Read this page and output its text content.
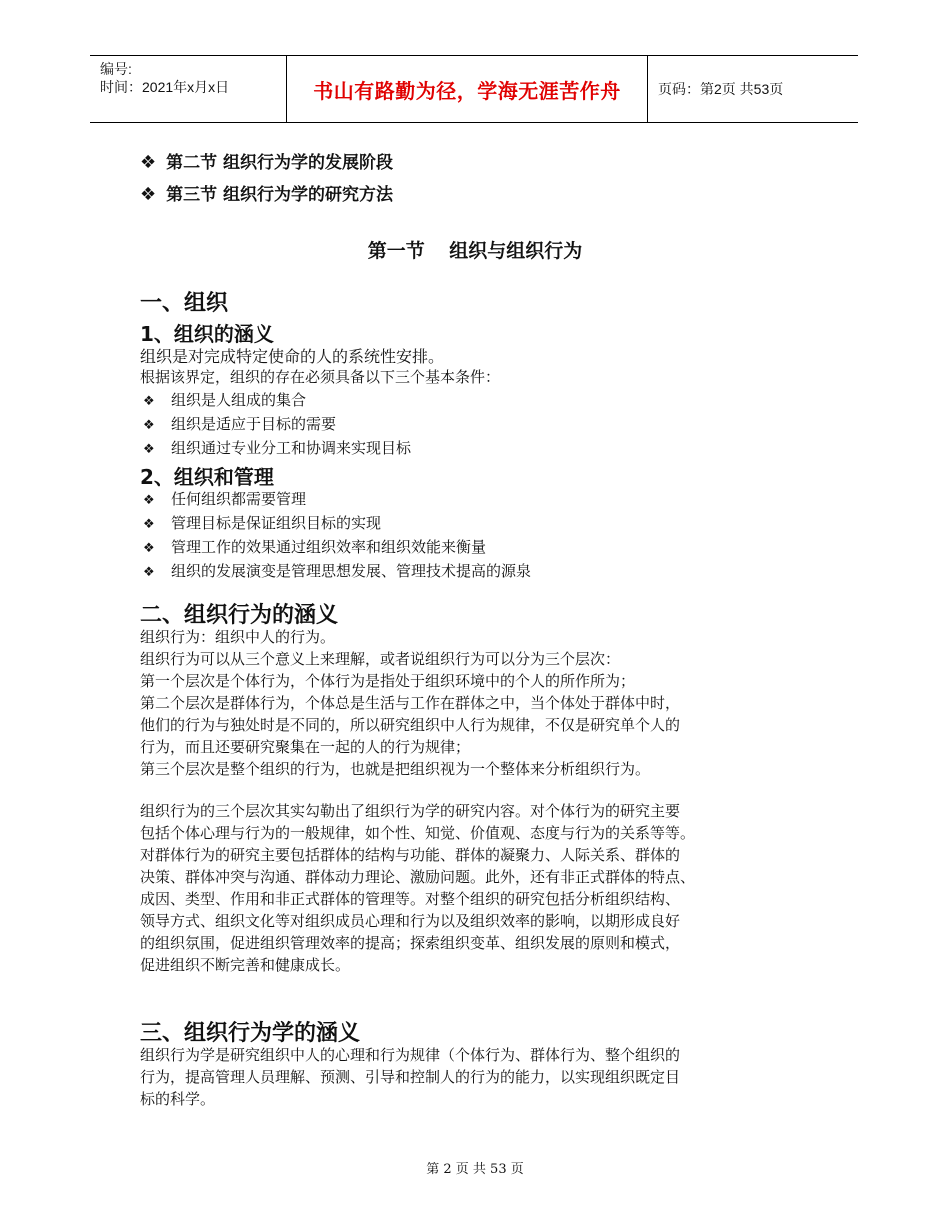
编号:
时间：2021年x月x日	书山有路勤为径，学海无涯苦作舟	页码：第2页 共53页
❖ 第二节 组织行为学的发展阶段
❖ 第三节 组织行为学的研究方法
第一节 组织与组织行为
一、组织
1、组织的涵义
组织是对完成特定使命的人的系统性安排。
根据该界定，组织的存在必须具备以下三个基本条件：
❖ 组织是人组成的集合
❖ 组织是适应于目标的需要
❖ 组织通过专业分工和协调来实现目标
2、组织和管理
❖ 任何组织都需要管理
❖ 管理目标是保证组织目标的实现
❖ 管理工作的效果通过组织效率和组织效能来衡量
❖ 组织的发展演变是管理思想发展、管理技术提高的源泉
二、组织行为的涵义
组织行为：组织中人的行为。
组织行为可以从三个意义上来理解，或者说组织行为可以分为三个层次：
第一个层次是个体行为，个体行为是指处于组织环境中的个人的所作所为；
第二个层次是群体行为，个体总是生活与工作在群体之中，当个体处于群体中时，
他们的行为与独处时是不同的，所以研究组织中人行为规律，不仅是研究单个人的
行为，而且还要研究聚集在一起的人的行为规律；
第三个层次是整个组织的行为，也就是把组织视为一个整体来分析组织行为。
组织行为的三个层次其实勾勒出了组织行为学的研究内容。对个体行为的研究主要
包括个体心理与行为的一般规律，如个性、知觉、价值观、态度与行为的关系等等。
对群体行为的研究主要包括群体的结构与功能、群体的凝聚力、人际关系、群体的
决策、群体冲突与沟通、群体动力理论、激励问题。此外，还有非正式群体的特点、
成因、类型、作用和非正式群体的管理等。对整个组织的研究包括分析组织结构、
领导方式、组织文化等对组织成员心理和行为以及组织效率的影响，以期形成良好
的组织氛围，促进组织管理效率的提高；探索组织变革、组织发展的原则和模式，
促进组织不断完善和健康成长。
三、组织行为学的涵义
组织行为学是研究组织中人的心理和行为规律（个体行为、群体行为、整个组织的
行为，提高管理人员理解、预测、引导和控制人的行为的能力，以实现组织既定目
标的科学。
第 2 页 共 53 页
